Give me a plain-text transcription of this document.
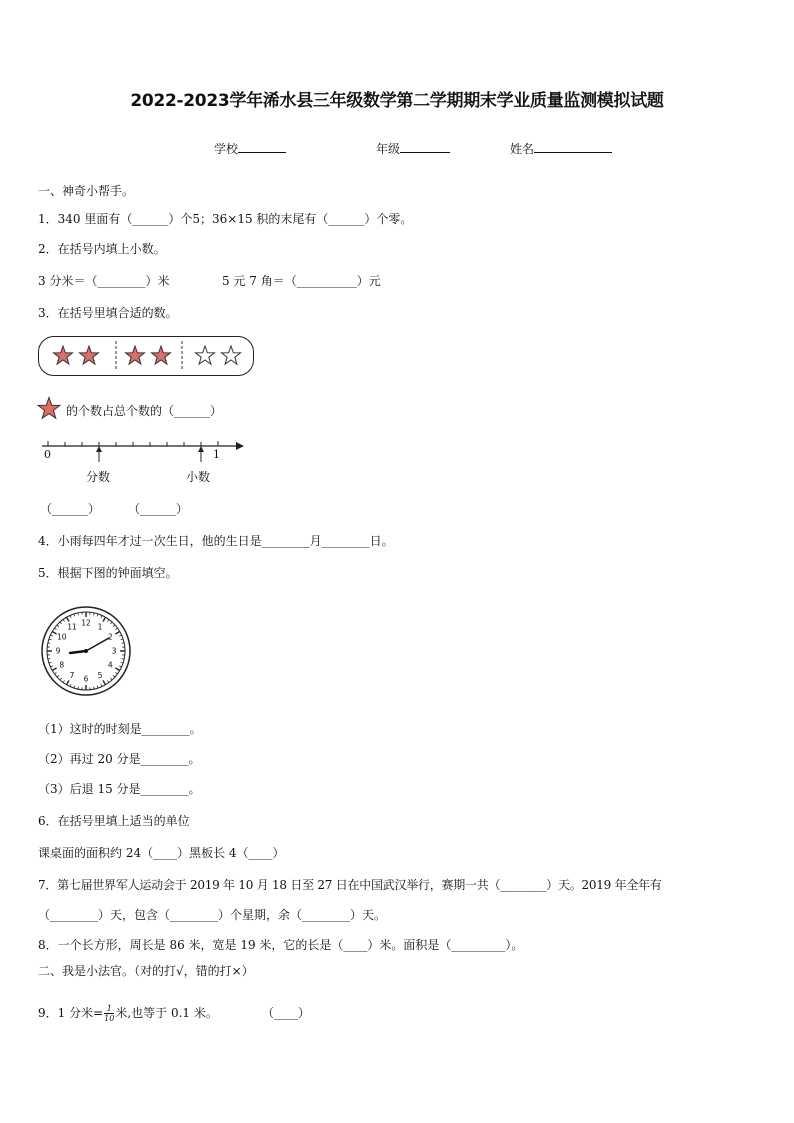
2022-2023学年浠水县三年级数学第二学期期末学业质量监测模拟试题
学校	年级	姓名
一、神奇小帮手。
1．340 里面有（______）个5；36×15 积的末尾有（______）个零。
2．在括号内填上小数。
3 分米＝（________）米	5 元 7 角＝（__________）元
3．在括号里填合适的数。
的个数占总个数的（______）
0	1
分数	小数
（______） （______）
4．小雨每四年才过一次生日，他的生日是________月________日。
5．根据下图的钟面填空。
12 1
2
3
4
5
6
7
8
9
10
11
（1）这时的时刻是________。
（2）再过 20 分是________。
（3）后退 15 分是________。
6．在括号里填上适当的单位
课桌面的面积约 24（____）黑板长 4（____）
7．第七届世界军人运动会于 2019 年 10 月 18 日至 27 日在中国武汉举行，赛期一共（________）天。2019 年全年有
（________）天，包含（________）个星期，余（________）天。
8．一个长方形，周长是 86 米，宽是 19 米，它的长是（____）米。面积是（_________）。
二、我是小法官。（对的打√，错的打×）
9．1 分米= $\frac{1}{10}$ 米,也等于 0.1 米。	（____）
